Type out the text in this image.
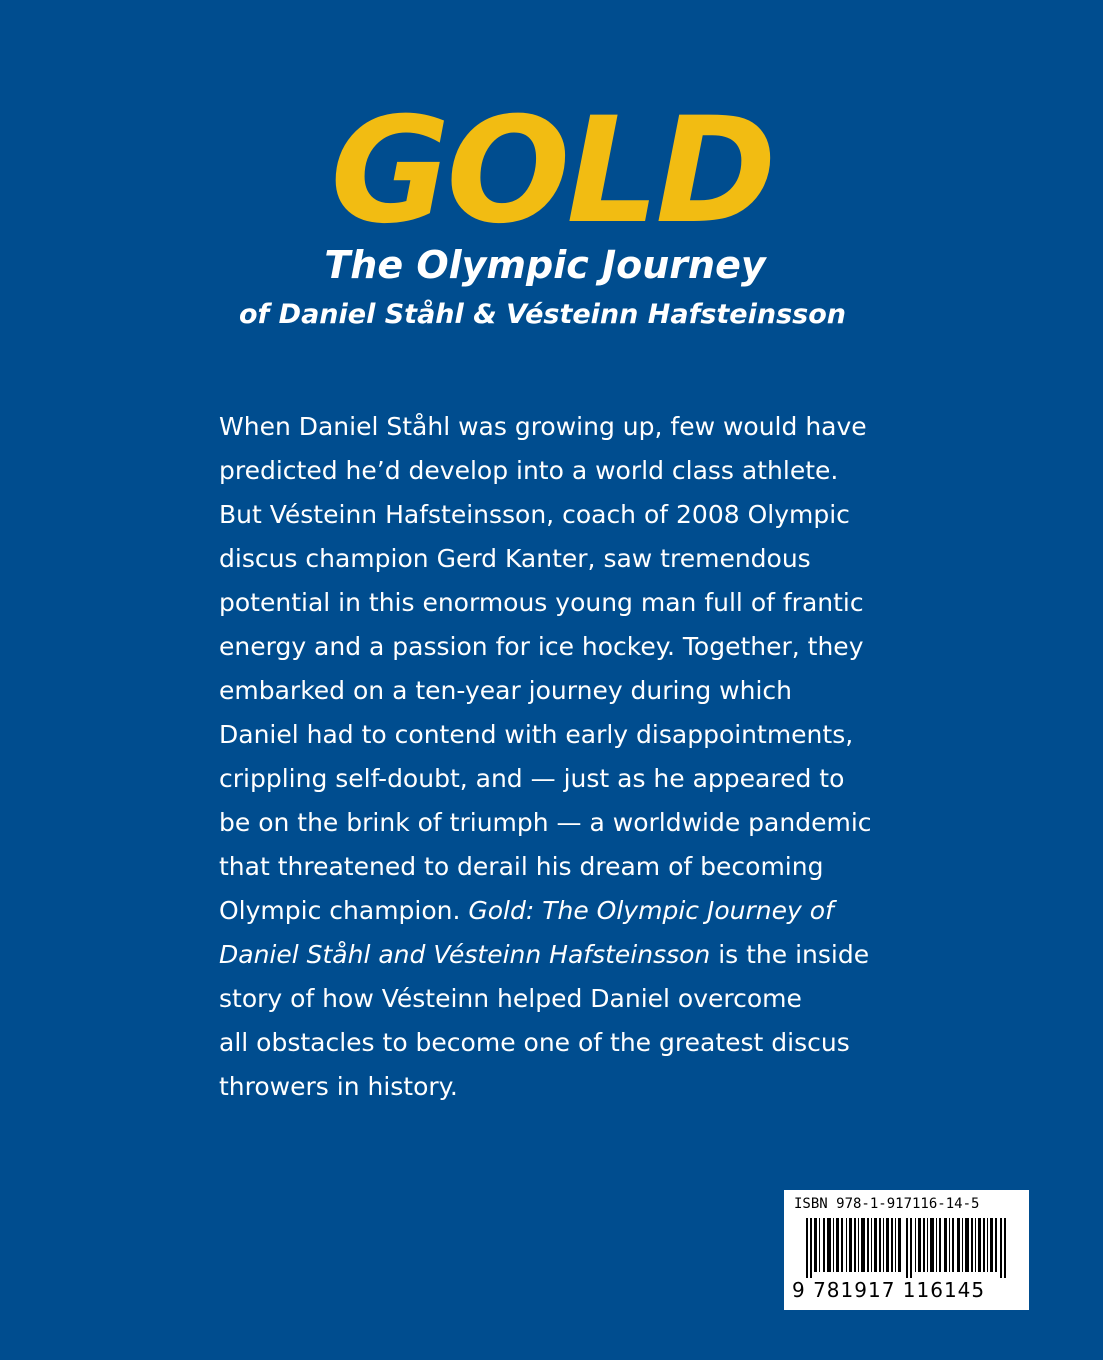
GOLD
The Olympic Journey
of Daniel Ståhl & Vésteinn Hafsteinsson
When Daniel Ståhl was growing up, few would have
predicted he’d develop into a world class athlete.
But Vésteinn Hafsteinsson, coach of 2008 Olympic
discus champion Gerd Kanter, saw tremendous
potential in this enormous young man full of frantic
energy and a passion for ice hockey. Together, they
embarked on a ten-year journey during which
Daniel had to contend with early disappointments,
crippling self-doubt, and — just as he appeared to
be on the brink of triumph — a worldwide pandemic
that threatened to derail his dream of becoming
Olympic champion. Gold: The Olympic Journey of
Daniel Ståhl and Vésteinn Hafsteinsson is the inside
story of how Vésteinn helped Daniel overcome
all obstacles to become one of the greatest discus
throwers in history.
ISBN 978-1-917116-14-5
9 781917 116145
